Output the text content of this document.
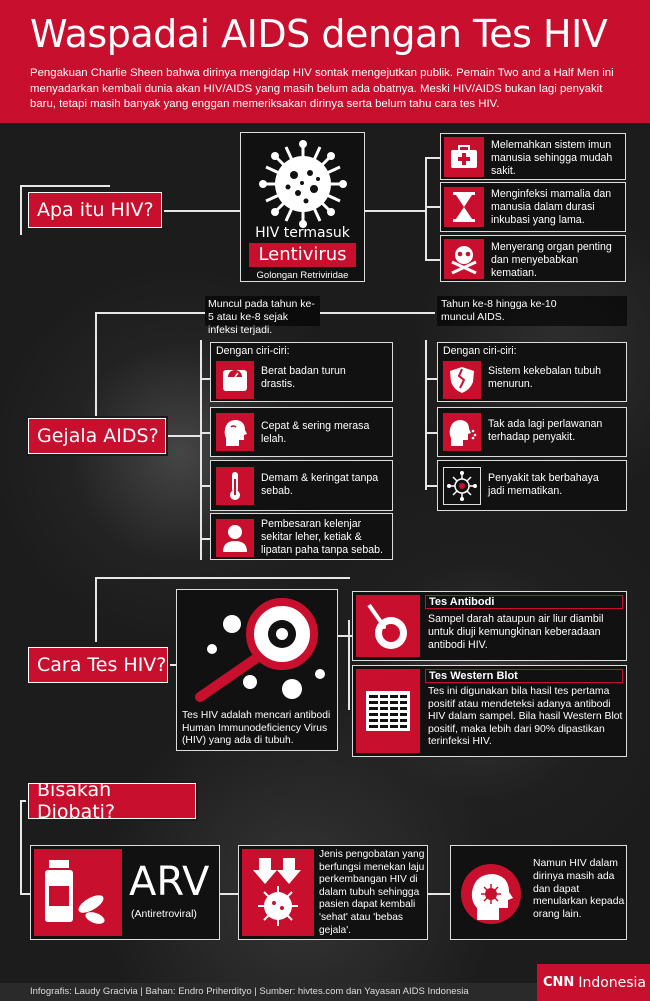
Waspadai AIDS dengan Tes HIV
Pengakuan Charlie Sheen bahwa dirinya mengidap HIV sontak mengejutkan publik. Pemain Two and a Half Men ini menyadarkan kembali dunia akan HIV/AIDS yang masih belum ada obatnya. Meski HIV/AIDS bukan lagi penyakit baru, tetapi masih banyak yang enggan memeriksakan dirinya serta belum tahu cara tes HIV.
Apa itu HIV?
HIV termasuk
Lentivirus
Golongan Retriviridae
Melemahkan sistem imun manusia sehingga mudah sakit.
Menginfeksi mamalia dan manusia dalam durasi inkubasi yang lama.
Menyerang organ penting dan menyebabkan kematian.
Muncul pada tahun ke-5 atau ke-8 sejak infeksi terjadi.
Tahun ke-8 hingga ke-10 muncul AIDS.
Gejala AIDS?
Dengan ciri-ciri:
Berat badan turun drastis.
Cepat & sering merasa lelah.
Demam & keringat tanpa sebab.
Pembesaran kelenjar sekitar leher, ketiak & lipatan paha tanpa sebab.
Dengan ciri-ciri:
Sistem kekebalan tubuh menurun.
Tak ada lagi perlawanan terhadap penyakit.
Penyakit tak berbahaya jadi mematikan.
Cara Tes HIV?
Tes HIV adalah mencari antibodi Human Immunodeficiency Virus (HIV) yang ada di tubuh.
Tes Antibodi
Sampel darah ataupun air liur diambil untuk diuji kemungkinan keberadaan antibodi HIV.
Tes Western Blot
Tes ini digunakan bila hasil tes pertama positif atau mendeteksi adanya antibodi HIV dalam sampel. Bila hasil Western Blot positif, maka lebih dari 90% dipastikan terinfeksi HIV.
Bisakah Diobati?
ARV
(Antiretroviral)
Jenis pengobatan yang berfungsi menekan laju perkembangan HIV di dalam tubuh sehingga pasien dapat kembali 'sehat' atau 'bebas gejala'.
Namun HIV dalam dirinya masih ada dan dapat menularkan kepada orang lain.
Infografis: Laudy Gracivia | Bahan: Endro Priherdityo | Sumber: hivtes.com dan Yayasan AIDS Indonesia
CNN Indonesia
